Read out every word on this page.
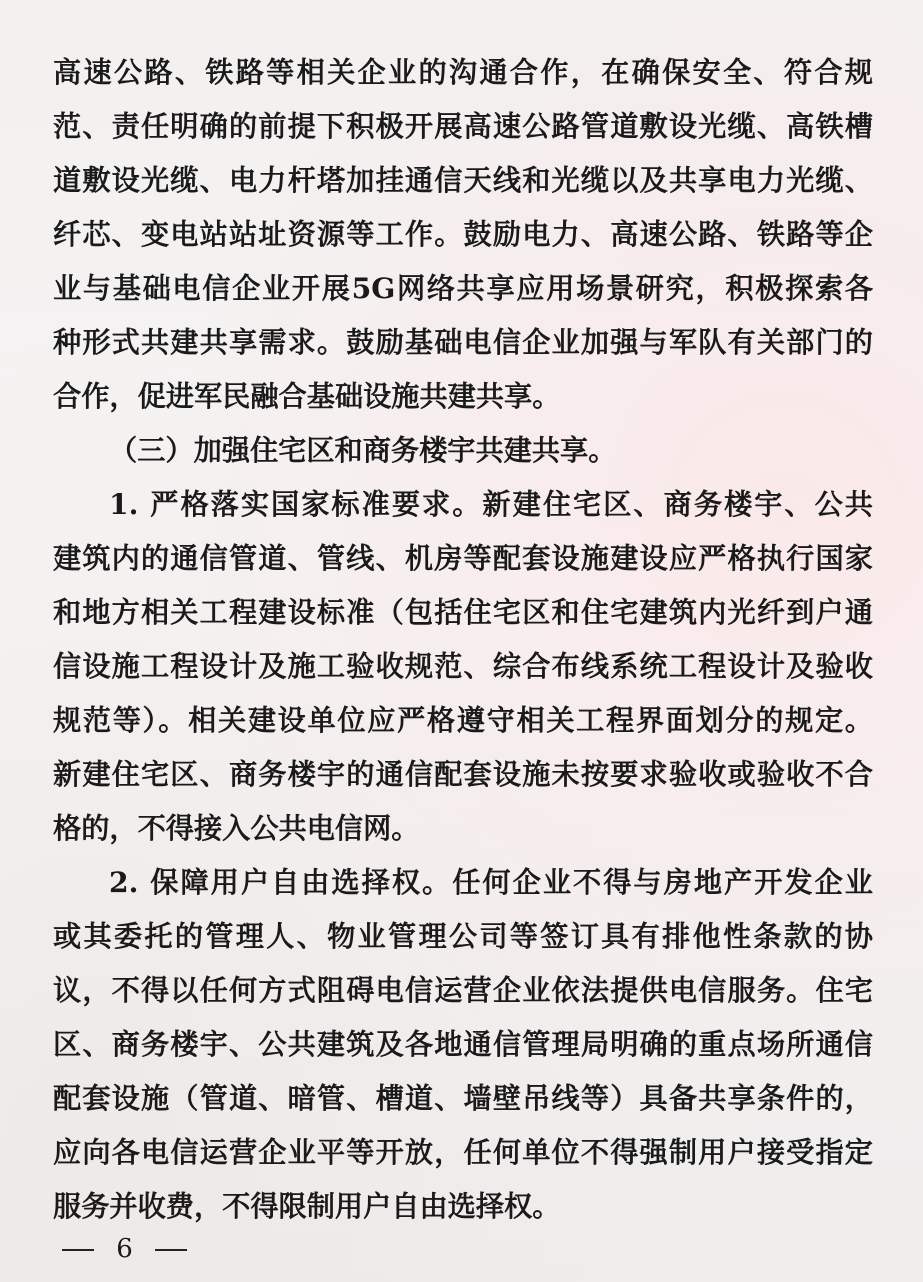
高速公路、铁路等相关企业的沟通合作，在确保安全、符合规
范、责任明确的前提下积极开展高速公路管道敷设光缆、高铁槽
道敷设光缆、电力杆塔加挂通信天线和光缆以及共享电力光缆、
纤芯、变电站站址资源等工作。鼓励电力、高速公路、铁路等企
业与基础电信企业开展5G网络共享应用场景研究，积极探索各
种形式共建共享需求。鼓励基础电信企业加强与军队有关部门的
合作，促进军民融合基础设施共建共享。
（三）加强住宅区和商务楼宇共建共享。
1. 严格落实国家标准要求。新建住宅区、商务楼宇、公共
建筑内的通信管道、管线、机房等配套设施建设应严格执行国家
和地方相关工程建设标准（包括住宅区和住宅建筑内光纤到户通
信设施工程设计及施工验收规范、综合布线系统工程设计及验收
规范等）。相关建设单位应严格遵守相关工程界面划分的规定。
新建住宅区、商务楼宇的通信配套设施未按要求验收或验收不合
格的，不得接入公共电信网。
2. 保障用户自由选择权。任何企业不得与房地产开发企业
或其委托的管理人、物业管理公司等签订具有排他性条款的协
议，不得以任何方式阻碍电信运营企业依法提供电信服务。住宅
区、商务楼宇、公共建筑及各地通信管理局明确的重点场所通信
配套设施（管道、暗管、槽道、墙壁吊线等）具备共享条件的，
应向各电信运营企业平等开放，任何单位不得强制用户接受指定
服务并收费，不得限制用户自由选择权。
6
